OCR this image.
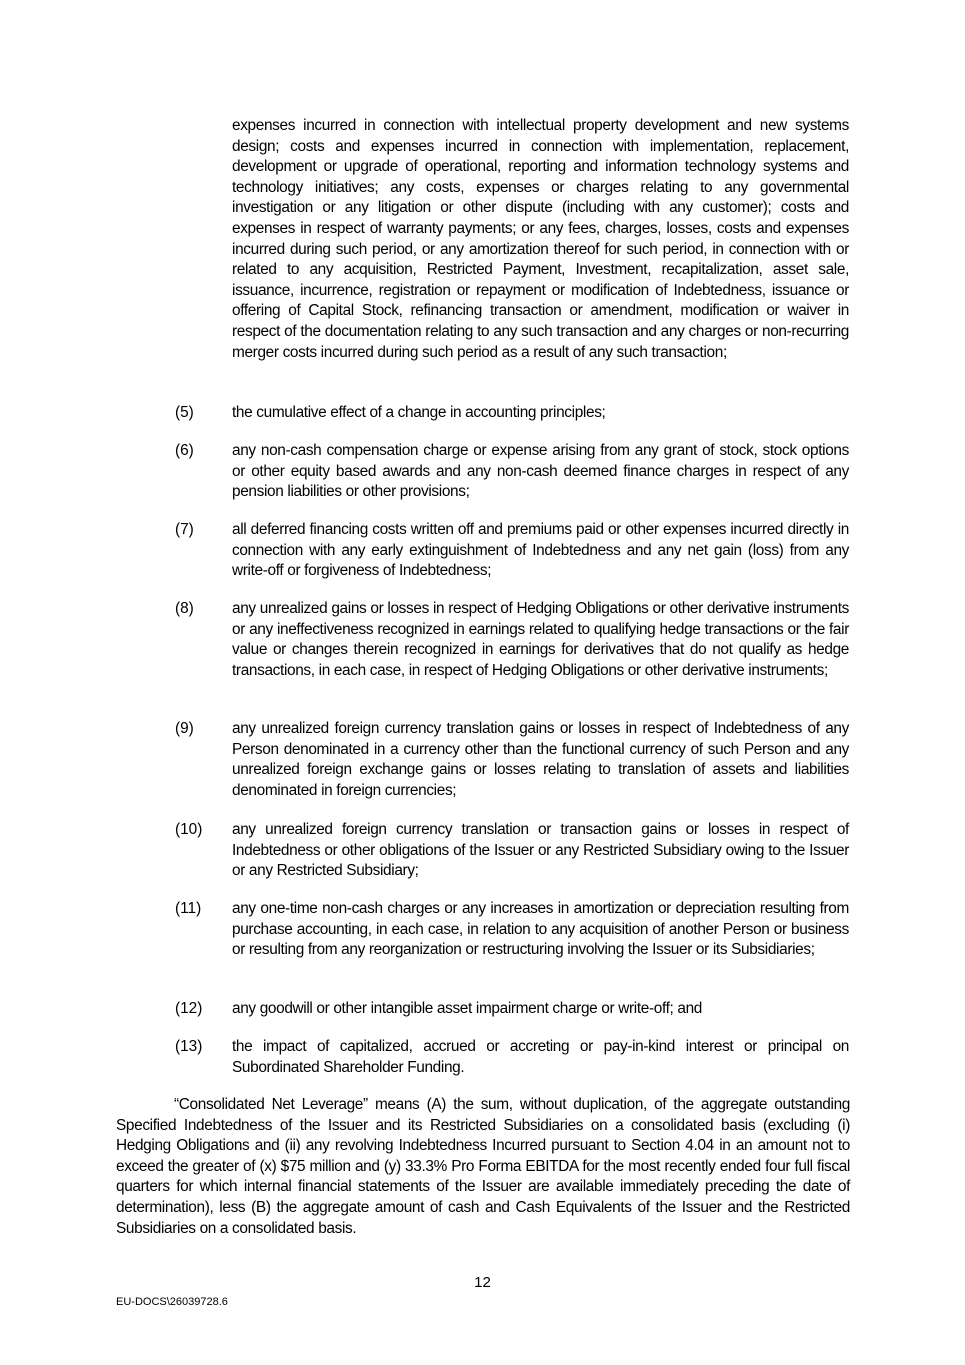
expenses incurred in connection with intellectual property development and new systems design; costs and expenses incurred in connection with implementation, replacement, development or upgrade of operational, reporting and information technology systems and technology initiatives; any costs, expenses or charges relating to any governmental investigation or any litigation or other dispute (including with any customer); costs and expenses in respect of warranty payments; or any fees, charges, losses, costs and expenses incurred during such period, or any amortization thereof for such period, in connection with or related to any acquisition, Restricted Payment, Investment, recapitalization, asset sale, issuance, incurrence, registration or repayment or modification of Indebtedness, issuance or offering of Capital Stock, refinancing transaction or amendment, modification or waiver in respect of the documentation relating to any such transaction and any charges or non-recurring merger costs incurred during such period as a result of any such transaction;
(5) the cumulative effect of a change in accounting principles;
(6) any non-cash compensation charge or expense arising from any grant of stock, stock options or other equity based awards and any non-cash deemed finance charges in respect of any pension liabilities or other provisions;
(7) all deferred financing costs written off and premiums paid or other expenses incurred directly in connection with any early extinguishment of Indebtedness and any net gain (loss) from any write-off or forgiveness of Indebtedness;
(8) any unrealized gains or losses in respect of Hedging Obligations or other derivative instruments or any ineffectiveness recognized in earnings related to qualifying hedge transactions or the fair value or changes therein recognized in earnings for derivatives that do not qualify as hedge transactions, in each case, in respect of Hedging Obligations or other derivative instruments;
(9) any unrealized foreign currency translation gains or losses in respect of Indebtedness of any Person denominated in a currency other than the functional currency of such Person and any unrealized foreign exchange gains or losses relating to translation of assets and liabilities denominated in foreign currencies;
(10) any unrealized foreign currency translation or transaction gains or losses in respect of Indebtedness or other obligations of the Issuer or any Restricted Subsidiary owing to the Issuer or any Restricted Subsidiary;
(11) any one-time non-cash charges or any increases in amortization or depreciation resulting from purchase accounting, in each case, in relation to any acquisition of another Person or business or resulting from any reorganization or restructuring involving the Issuer or its Subsidiaries;
(12) any goodwill or other intangible asset impairment charge or write-off; and
(13) the impact of capitalized, accrued or accreting or pay-in-kind interest or principal on Subordinated Shareholder Funding.
“Consolidated Net Leverage” means (A) the sum, without duplication, of the aggregate outstanding Specified Indebtedness of the Issuer and its Restricted Subsidiaries on a consolidated basis (excluding (i) Hedging Obligations and (ii) any revolving Indebtedness Incurred pursuant to Section 4.04 in an amount not to exceed the greater of (x) $75 million and (y) 33.3% Pro Forma EBITDA for the most recently ended four full fiscal quarters for which internal financial statements of the Issuer are available immediately preceding the date of determination), less (B) the aggregate amount of cash and Cash Equivalents of the Issuer and the Restricted Subsidiaries on a consolidated basis.
12
EU-DOCS\26039728.6
